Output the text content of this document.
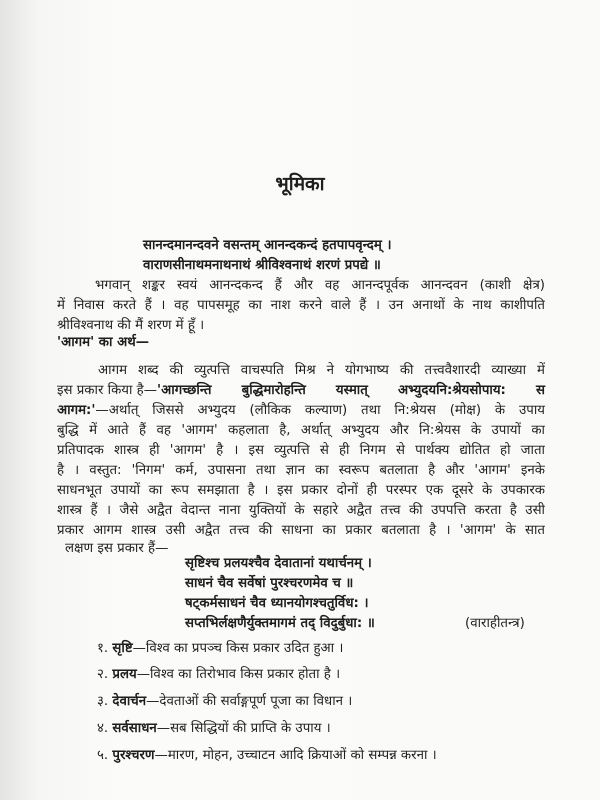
भूमिका
सानन्दमानन्दवने वसन्तम् आनन्दकन्दं हतपापवृन्दम् ।
वाराणसीनाथमनाथनाथं श्रीविश्वनाथं शरणं प्रपद्ये ॥
भगवान् शङ्कर स्वयं आनन्दकन्द हैं और वह आनन्दपूर्वक आनन्दवन (काशी क्षेत्र)
में निवास करते हैं । वह पापसमूह का नाश करने वाले हैं । उन अनाथों के नाथ काशीपति
श्रीविश्वनाथ की मैं शरण में हूँ ।
'आगम' का अर्थ—
आगम शब्द की व्युत्पत्ति वाचस्पति मिश्र ने योगभाष्य की तत्त्ववैशारदी व्याख्या में
इस प्रकार किया है— 'आगच्छन्ति बुद्धिमारोहन्ति यस्मात् अभ्युदयनि:श्रेयसोपाय: स
आगम:' —अर्थात् जिससे अभ्युदय (लौकिक कल्याण) तथा नि:श्रेयस (मोक्ष) के उपाय
बुद्धि में आते हैं वह 'आगम' कहलाता है, अर्थात् अभ्युदय और नि:श्रेयस के उपायों का
प्रतिपादक शास्त्र ही 'आगम' है । इस व्युत्पत्ति से ही निगम से पार्थक्य द्योतित हो जाता
है । वस्तुत: 'निगम' कर्म, उपासना तथा ज्ञान का स्वरूप बतलाता है और 'आगम' इनके
साधनभूत उपायों का रूप समझाता है । इस प्रकार दोनों ही परस्पर एक दूसरे के उपकारक
शास्त्र हैं । जैसे अद्वैत वेदान्त नाना युक्तियों के सहारे अद्वैत तत्त्व की उपपत्ति करता है उसी
प्रकार आगम शास्त्र उसी अद्वैत तत्त्व की साधना का प्रकार बतलाता है । 'आगम' के सात
लक्षण इस प्रकार हैं—
सृष्टिश्च प्रलयश्चैव देवातानां यथार्चनम् ।
साधनं चैव सर्वेषां पुरश्चरणमेव च ॥
षट्कर्मसाधनं चैव ध्यानयोगश्चतुर्विध: ।
सप्तभिर्लक्षणैर्युक्तमागमं तद् विदुर्बुधा: ॥	(वाराहीतन्त्र)
१. सृष्टि—विश्व का प्रपञ्च किस प्रकार उदित हुआ ।
२. प्रलय—विश्व का तिरोभाव किस प्रकार होता है ।
३. देवार्चन—देवताओं की सर्वाङ्गपूर्ण पूजा का विधान ।
४. सर्वसाधन—सब सिद्धियों की प्राप्ति के उपाय ।
५. पुरश्चरण—मारण, मोहन, उच्चाटन आदि क्रियाओं को सम्पन्न करना ।
